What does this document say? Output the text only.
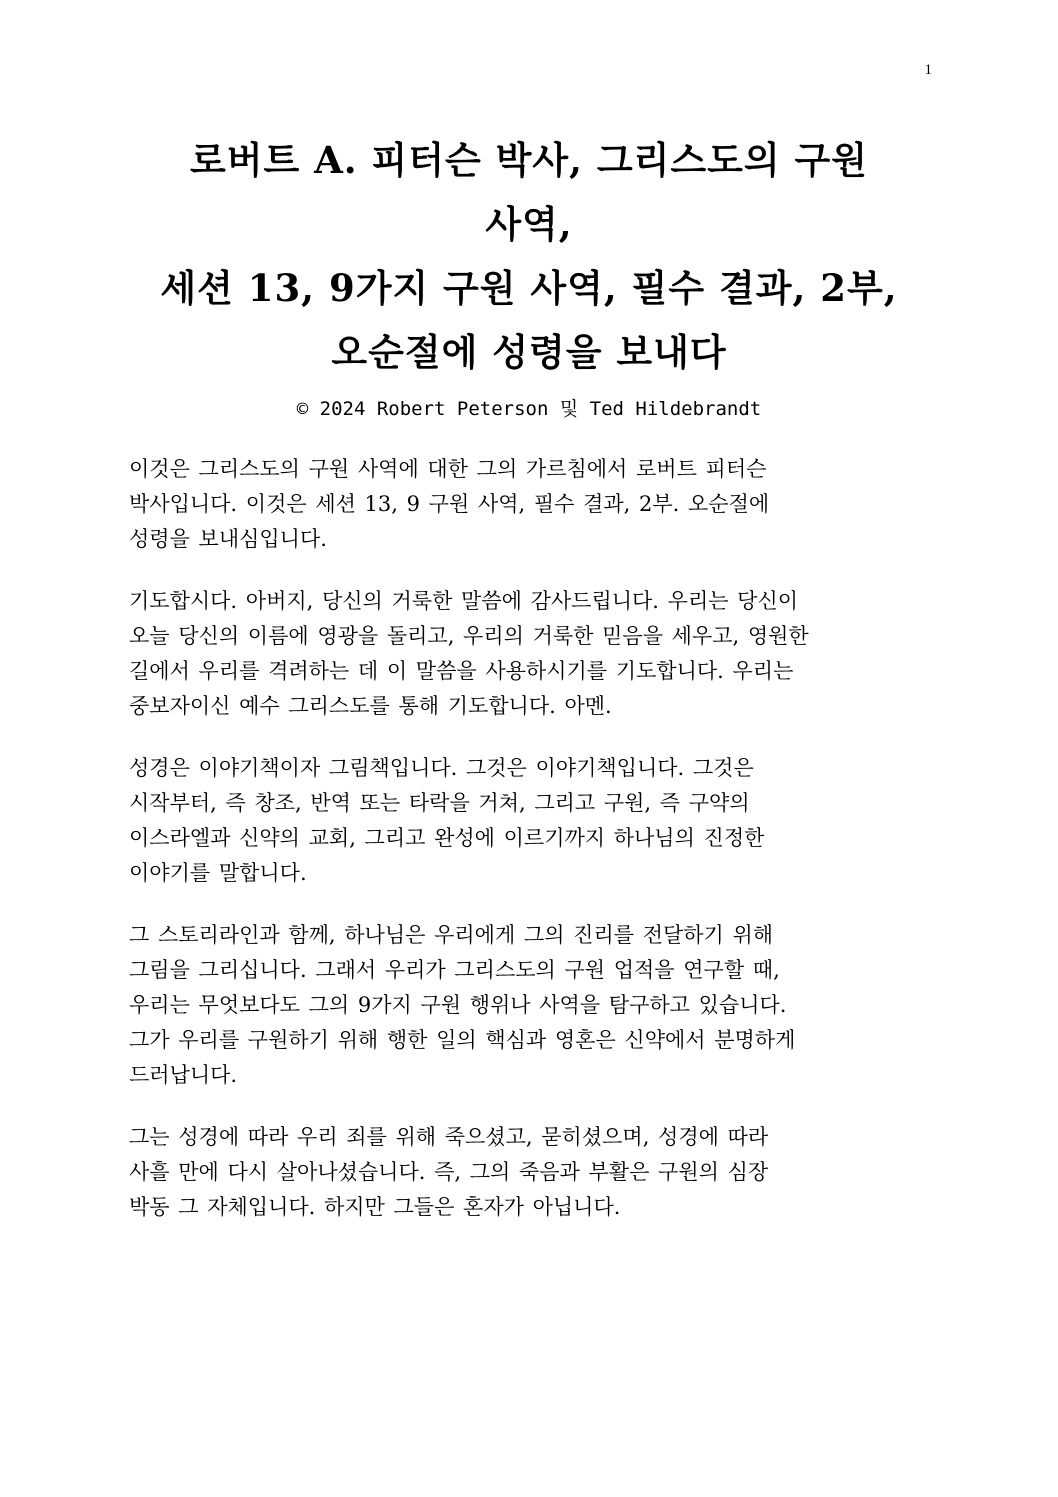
1
로버트 A. 피터슨 박사, 그리스도의 구원
사역,
세션 13, 9가지 구원 사역, 필수 결과, 2부,
오순절에 성령을 보내다
© 2024 Robert Peterson 및 Ted Hildebrandt
이것은 그리스도의 구원 사역에 대한 그의 가르침에서 로버트 피터슨
박사입니다. 이것은 세션 13, 9 구원 사역, 필수 결과, 2부. 오순절에
성령을 보내심입니다.
기도합시다. 아버지, 당신의 거룩한 말씀에 감사드립니다. 우리는 당신이
오늘 당신의 이름에 영광을 돌리고, 우리의 거룩한 믿음을 세우고, 영원한
길에서 우리를 격려하는 데 이 말씀을 사용하시기를 기도합니다. 우리는
중보자이신 예수 그리스도를 통해 기도합니다. 아멘.
성경은 이야기책이자 그림책입니다. 그것은 이야기책입니다. 그것은
시작부터, 즉 창조, 반역 또는 타락을 거쳐, 그리고 구원, 즉 구약의
이스라엘과 신약의 교회, 그리고 완성에 이르기까지 하나님의 진정한
이야기를 말합니다.
그 스토리라인과 함께, 하나님은 우리에게 그의 진리를 전달하기 위해
그림을 그리십니다. 그래서 우리가 그리스도의 구원 업적을 연구할 때,
우리는 무엇보다도 그의 9가지 구원 행위나 사역을 탐구하고 있습니다.
그가 우리를 구원하기 위해 행한 일의 핵심과 영혼은 신약에서 분명하게
드러납니다.
그는 성경에 따라 우리 죄를 위해 죽으셨고, 묻히셨으며, 성경에 따라
사흘 만에 다시 살아나셨습니다. 즉, 그의 죽음과 부활은 구원의 심장
박동 그 자체입니다. 하지만 그들은 혼자가 아닙니다.
